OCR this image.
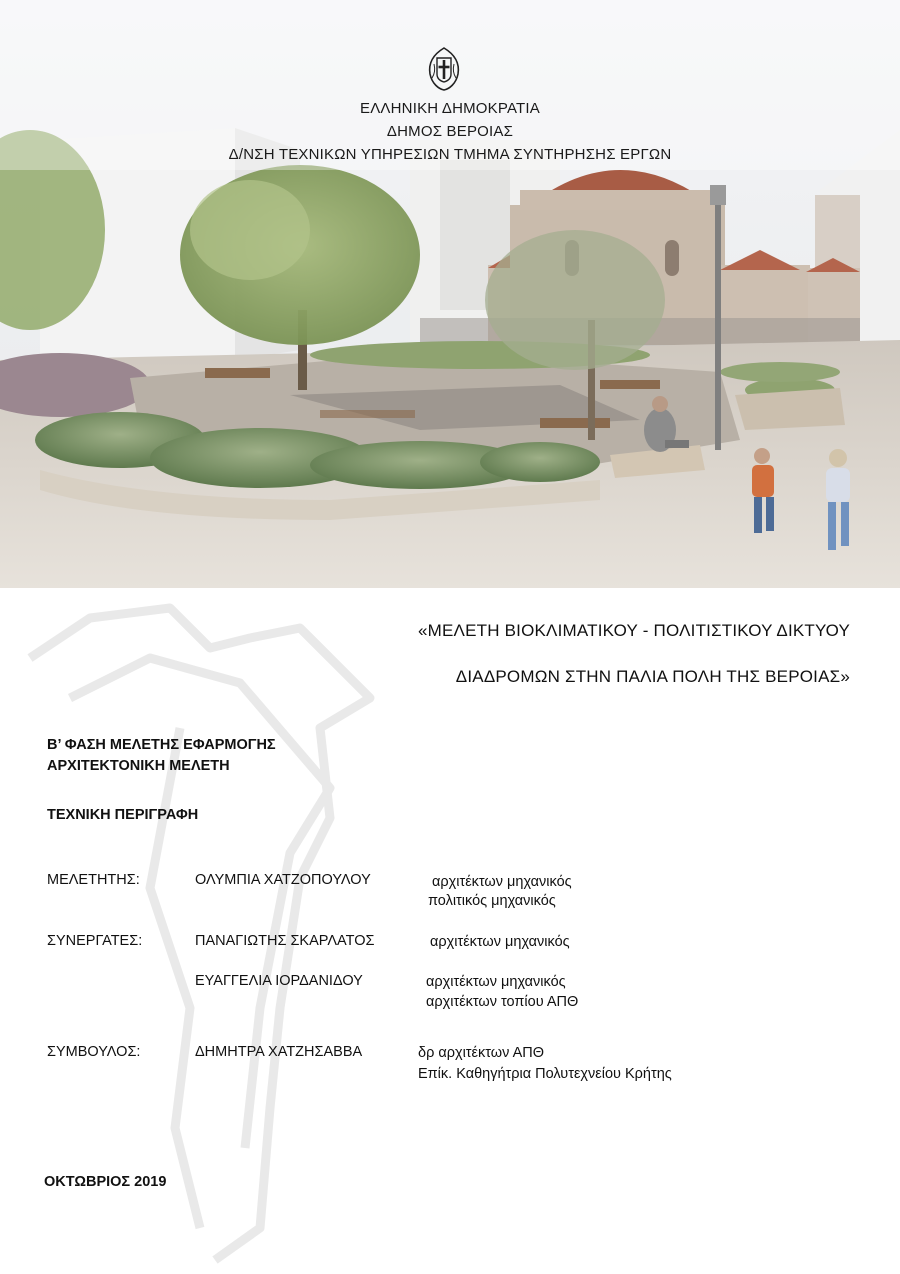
ΕΛΛΗΝΙΚΗ ΔΗΜΟΚΡΑΤΙΑ
ΔΗΜΟΣ ΒΕΡΟΙΑΣ
Δ/ΝΣΗ ΤΕΧΝΙΚΩΝ ΥΠΗΡΕΣΙΩΝ ΤΜΗΜΑ ΣΥΝΤΗΡΗΣΗΣ ΕΡΓΩΝ
«ΜΕΛΕΤΗ ΒΙΟΚΛΙΜΑΤΙΚΟΥ - ΠΟΛΙΤΙΣΤΙΚΟΥ ΔΙΚΤΥΟΥ
ΔΙΑΔΡΟΜΩΝ ΣΤΗΝ ΠΑΛΙΑ ΠΟΛΗ ΤΗΣ ΒΕΡΟΙΑΣ»
Β’ ΦΑΣΗ ΜΕΛΕΤΗΣ ΕΦΑΡΜΟΓΗΣ
ΑΡΧΙΤΕΚΤΟΝΙΚΗ ΜΕΛΕΤΗ
ΤΕΧΝΙΚΗ ΠΕΡΙΓΡΑΦΗ
ΜΕΛΕΤΗΤΗΣ:	ΟΛΥΜΠΙΑ ΧΑΤΖΟΠΟΥΛΟΥ	αρχιτέκτων μηχανικός
πολιτικός μηχανικός
ΣΥΝΕΡΓΑΤΕΣ:	ΠΑΝΑΓΙΩΤΗΣ ΣΚΑΡΛΑΤΟΣ	αρχιτέκτων μηχανικός
ΕΥΑΓΓΕΛΙΑ ΙΟΡΔΑΝΙΔΟΥ	αρχιτέκτων μηχανικός
αρχιτέκτων τοπίου ΑΠΘ
ΣΥΜΒΟΥΛΟΣ:	ΔΗΜΗΤΡΑ ΧΑΤΖΗΣΑΒΒΑ	δρ αρχιτέκτων ΑΠΘ
Επίκ. Καθηγήτρια Πολυτεχνείου Κρήτης
ΟΚΤΩΒΡΙΟΣ 2019
